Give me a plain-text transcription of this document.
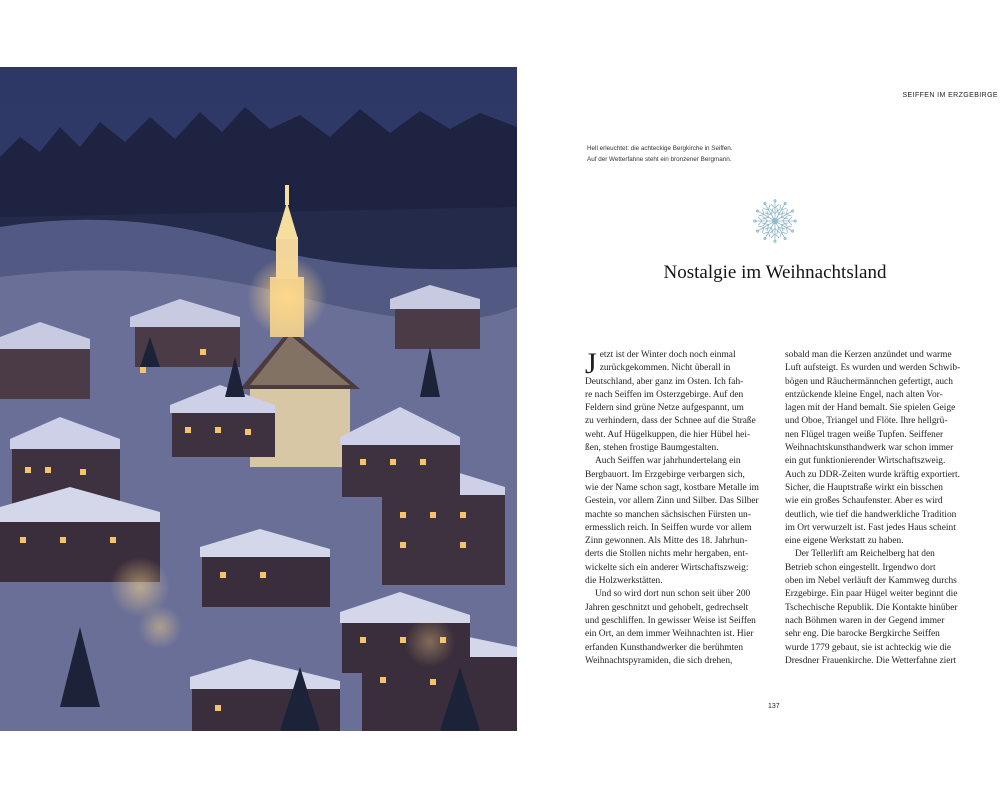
SEIFFEN IM ERZGEBIRGE
Hell erleuchtet: die achteckige Bergkirche in Seiffen.
Auf der Wetterfahne steht ein bronzener Bergmann.
Nostalgie im Weihnachtsland
J etzt ist der Winter doch noch einmal
zurückgekommen. Nicht überall in
Deutschland, aber ganz im Osten. Ich fah-
re nach Seiffen im Osterzgebirge. Auf den
Feldern sind grüne Netze aufgespannt, um
zu verhindern, dass der Schnee auf die Straße
weht. Auf Hügelkuppen, die hier Hübel hei-
ßen, stehen frostige Baumgestalten.
Auch Seiffen war jahrhundertelang ein
Bergbauort. Im Erzgebirge verbargen sich,
wie der Name schon sagt, kostbare Metalle im
Gestein, vor allem Zinn und Silber. Das Silber
machte so manchen sächsischen Fürsten un-
ermesslich reich. In Seiffen wurde vor allem
Zinn gewonnen. Als Mitte des 18. Jahrhun-
derts die Stollen nichts mehr hergaben, ent-
wickelte sich ein anderer Wirtschaftszweig:
die Holzwerkstätten.
Und so wird dort nun schon seit über 200
Jahren geschnitzt und gehobelt, gedrechselt
und geschliffen. In gewisser Weise ist Seiffen
ein Ort, an dem immer Weihnachten ist. Hier
erfanden Kunsthandwerker die berühmten
Weihnachtspyramiden, die sich drehen,
sobald man die Kerzen anzündet und warme
Luft aufsteigt. Es wurden und werden Schwib-
bögen und Räuchermännchen gefertigt, auch
entzückende kleine Engel, nach alten Vor-
lagen mit der Hand bemalt. Sie spielen Geige
und Oboe, Triangel und Flöte. Ihre hellgrü-
nen Flügel tragen weiße Tupfen. Seiffener
Weihnachtskunsthandwerk war schon immer
ein gut funktionierender Wirtschaftszweig.
Auch zu DDR-Zeiten wurde kräftig exportiert.
Sicher, die Hauptstraße wirkt ein bisschen
wie ein großes Schaufenster. Aber es wird
deutlich, wie tief die handwerkliche Tradition
im Ort verwurzelt ist. Fast jedes Haus scheint
eine eigene Werkstatt zu haben.
Der Tellerlift am Reichelberg hat den
Betrieb schon eingestellt. Irgendwo dort
oben im Nebel verläuft der Kammweg durchs
Erzgebirge. Ein paar Hügel weiter beginnt die
Tschechische Republik. Die Kontakte hinüber
nach Böhmen waren in der Gegend immer
sehr eng. Die barocke Bergkirche Seiffen
wurde 1779 gebaut, sie ist achteckig wie die
Dresdner Frauenkirche. Die Wetterfahne ziert
137
